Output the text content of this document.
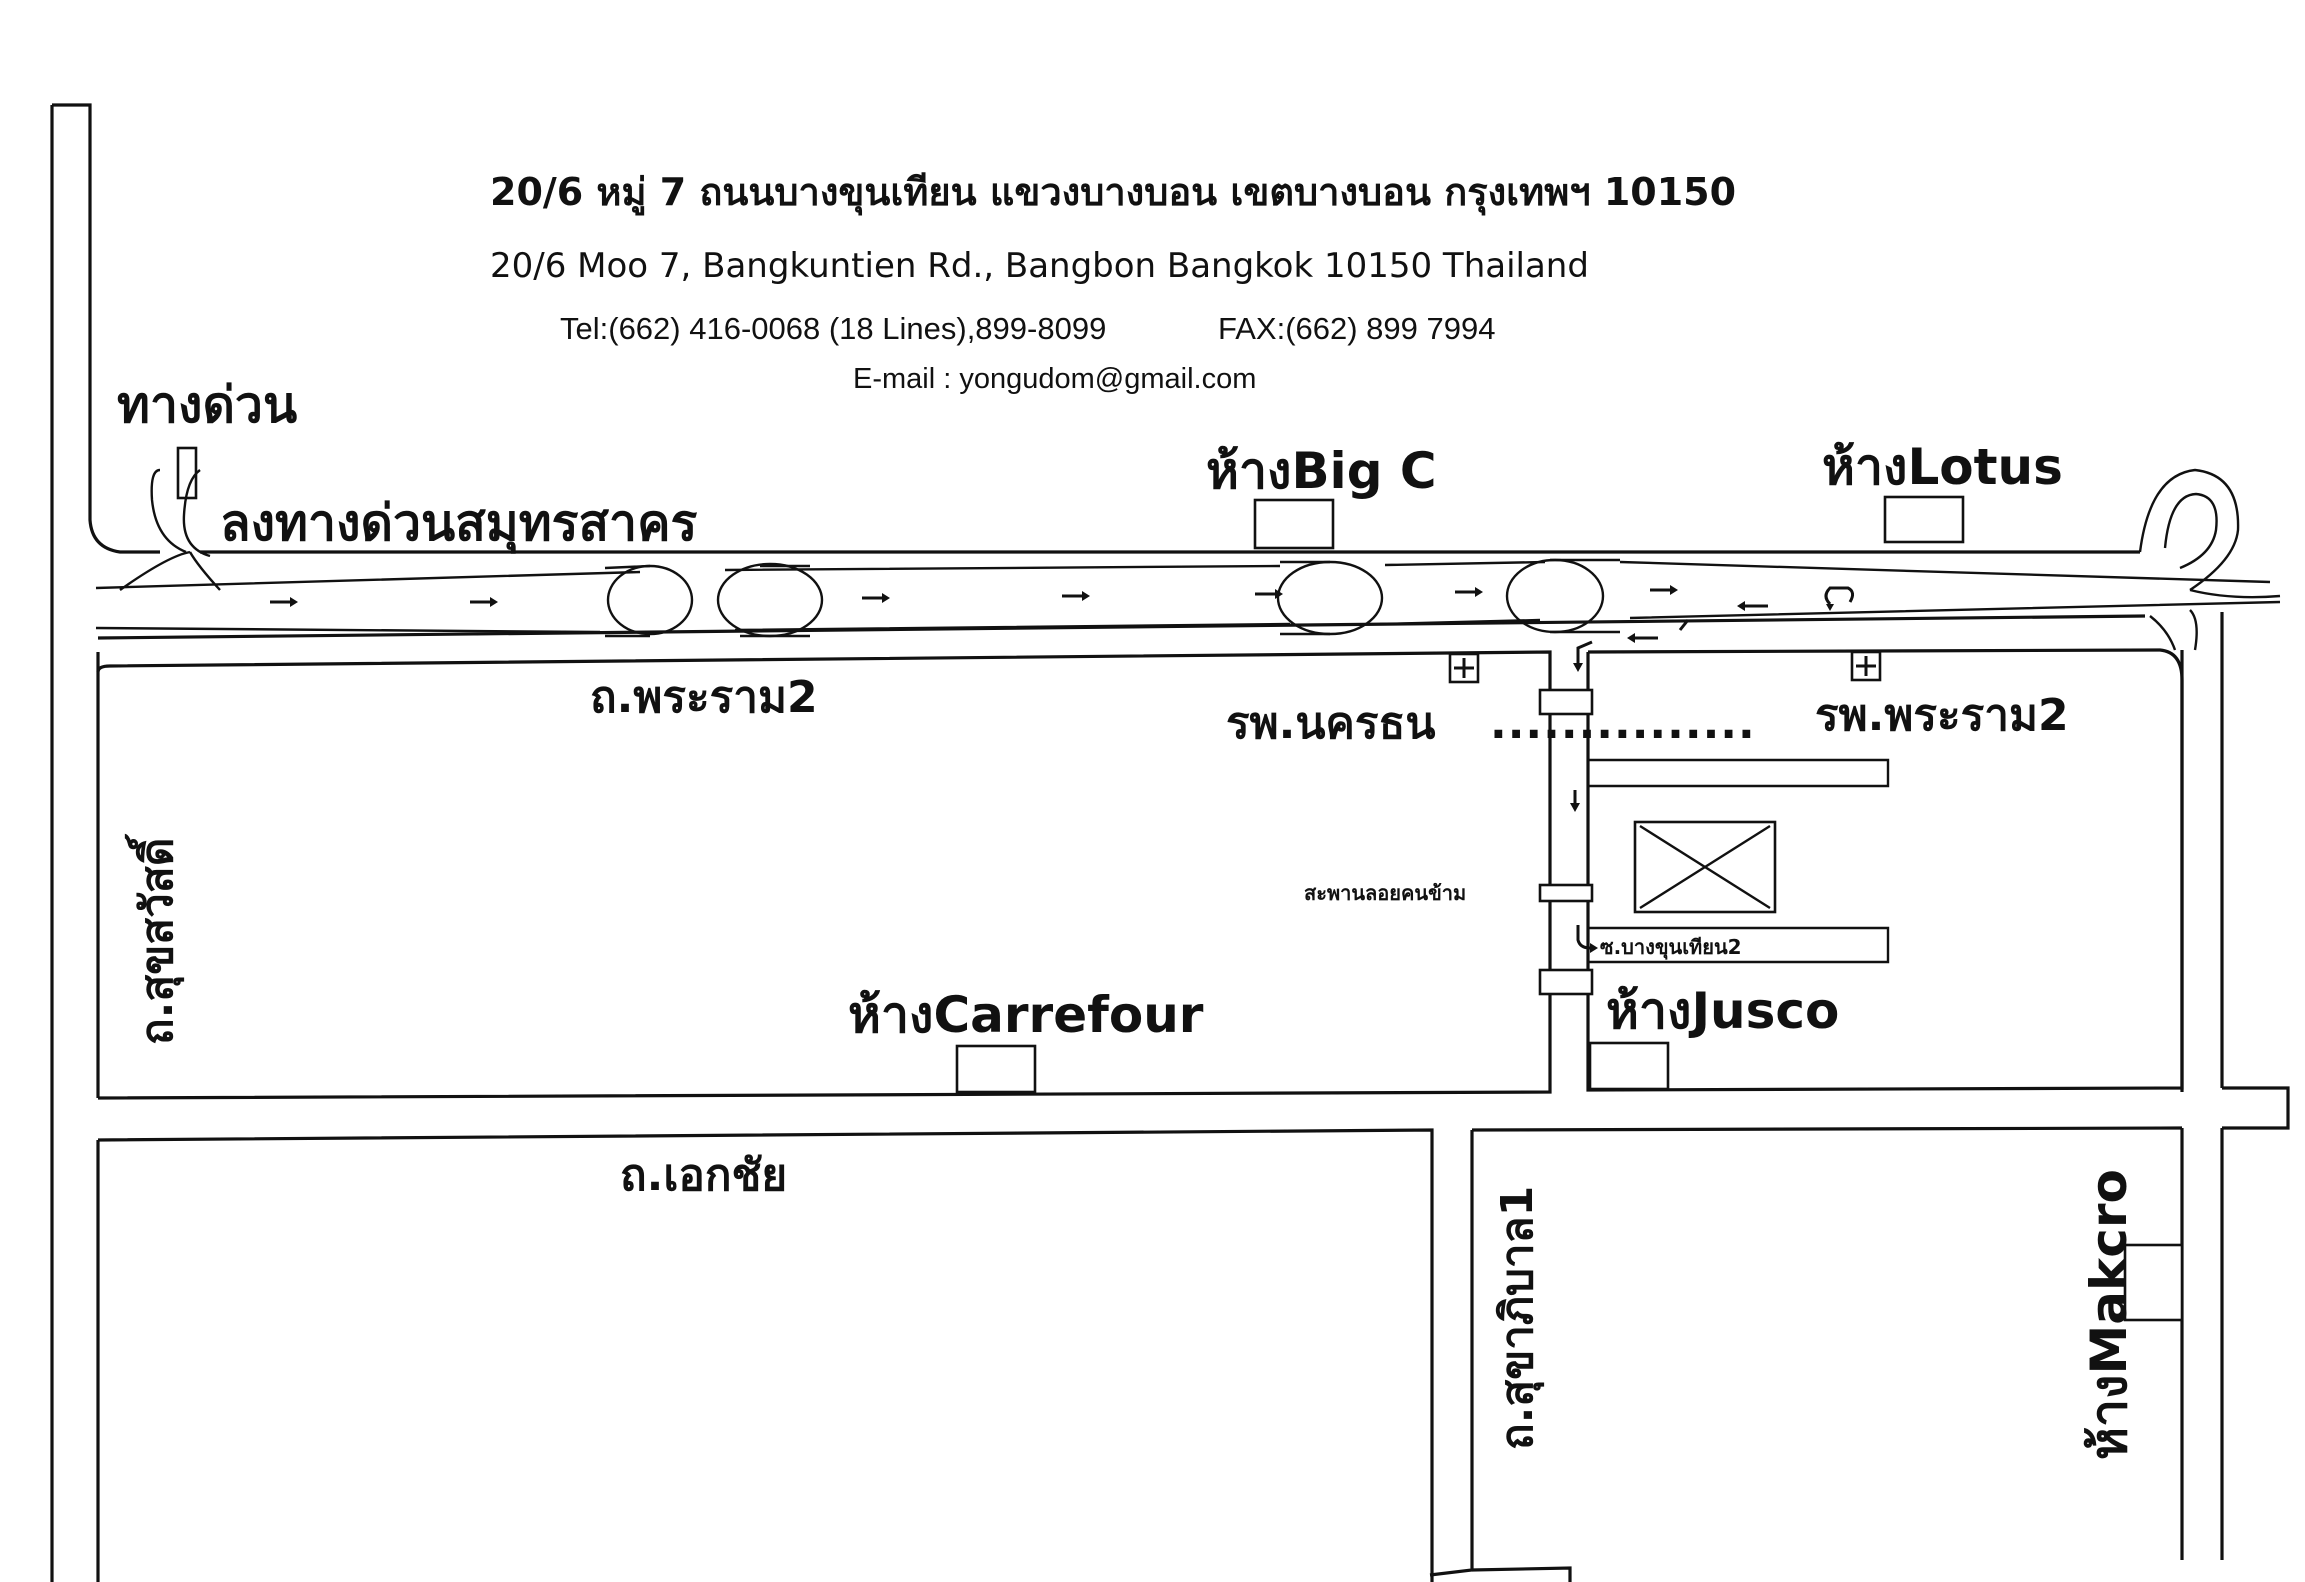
20/6 หมู่ 7 ถนนบางขุนเทียน แขวงบางบอน เขตบางบอน กรุงเทพฯ 10150
20/6 Moo 7, Bangkuntien Rd., Bangbon Bangkok 10150 Thailand
Tel:(662) 416-0068 (18 Lines),899-8099	FAX:(662) 899 7994
E-mail : yongudom@gmail.com
ทางด่วน
ลงทางด่วนสมุทรสาคร
ห้างBig C	ห้างLotus
ถ.พระราม2
รพ.นครธน ............... รพ.พระราม2
สะพานลอยคนข้าม
ซ.บางขุนเทียน2
ห้างCarrefour	ห้างJusco
ถ.เอกชัย
ถ.สุขสวัสดิ์
ถ.สุขาภิบาล1	ห้างMakcro
